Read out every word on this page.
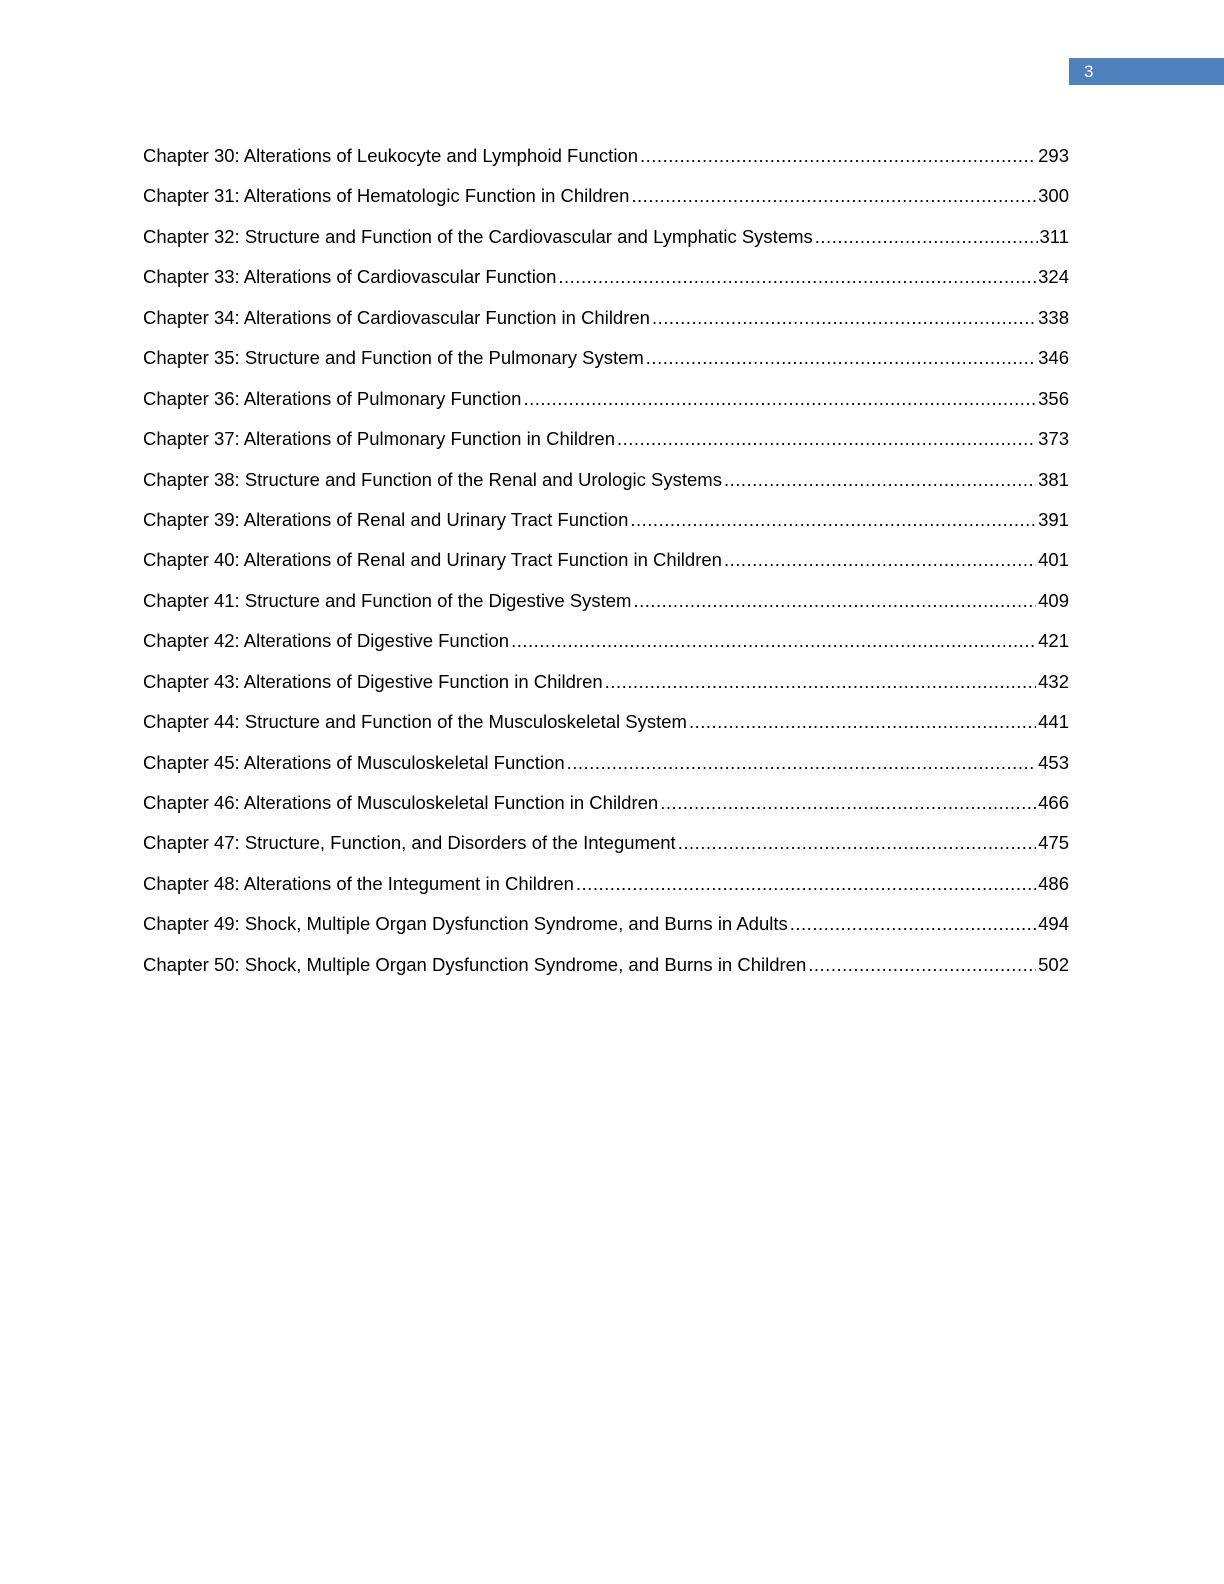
3
Chapter 30: Alterations of Leukocyte and Lymphoid Function .....	293
Chapter 31: Alterations of Hematologic Function in Children .....	300
Chapter 32: Structure and Function of the Cardiovascular and Lymphatic Systems .....	311
Chapter 33: Alterations of Cardiovascular Function .....	324
Chapter 34: Alterations of Cardiovascular Function in Children .....	338
Chapter 35: Structure and Function of the Pulmonary System .....	346
Chapter 36: Alterations of Pulmonary Function .....	356
Chapter 37: Alterations of Pulmonary Function in Children .....	373
Chapter 38: Structure and Function of the Renal and Urologic Systems .....	381
Chapter 39: Alterations of Renal and Urinary Tract Function .....	391
Chapter 40: Alterations of Renal and Urinary Tract Function in Children .....	401
Chapter 41: Structure and Function of the Digestive System .....	409
Chapter 42: Alterations of Digestive Function .....	421
Chapter 43: Alterations of Digestive Function in Children .....	432
Chapter 44: Structure and Function of the Musculoskeletal System .....	441
Chapter 45: Alterations of Musculoskeletal Function .....	453
Chapter 46: Alterations of Musculoskeletal Function in Children .....	466
Chapter 47: Structure, Function, and Disorders of the Integument .....	475
Chapter 48: Alterations of the Integument in Children .....	486
Chapter 49: Shock, Multiple Organ Dysfunction Syndrome, and Burns in Adults .....	494
Chapter 50: Shock, Multiple Organ Dysfunction Syndrome, and Burns in Children .....	502
